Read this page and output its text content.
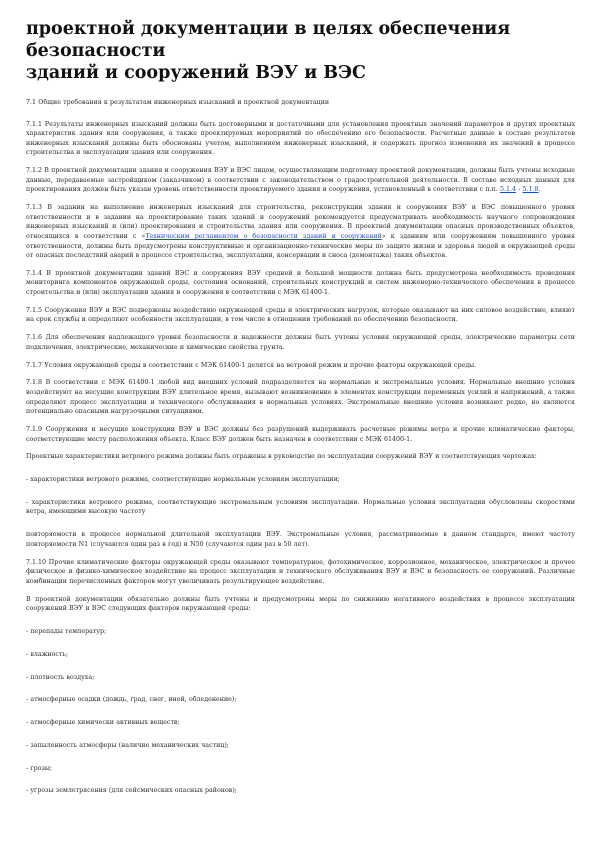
проектной документации в целях обеспечения безопасности
зданий и сооружений ВЭУ и ВЭС
7.1 Общие требования к результатам инженерных изысканий и проектной документации
7.1.1 Результаты инженерных изысканий должны быть достоверными и достаточными для установления проектных значений параметров и других проектных характеристик здания или сооружения, а также проектируемых мероприятий по обеспечению его безопасности. Расчетные данные в составе результатов инженерных изысканий должны быть обоснованы учетом, выполнением инженерных изысканий, и содержать прогноз изменения их значений в процессе строительства и эксплуатации здания или сооружения.
7.1.2 В проектной документации здания и сооружения ВЭУ и ВЭС лицом, осуществляющим подготовку проектной документации, должны быть учтены исходные данные, передаваемые застройщиком (заказчиком) в соответствии с законодательством о градостроительной деятельности. В составе исходных данных для проектирования должен быть указан уровень ответственности проектируемого здания и сооружения, установленный в соответствии с п.п. 5.1.4 - 5.1.8.
7.1.3 В задании на выполнение инженерных изысканий для строительства, реконструкции здания и сооружения ВЭУ и ВЭС повышенного уровня ответственности и в задании на проектирование таких зданий и сооружений рекомендуется предусматривать необходимость научного сопровождения инженерных изысканий и (или) проектирования и строительства здания или сооружения. В проектной документации опасных производственных объектов, относящихся в соответствии с «Техническим регламентом о безопасности зданий и сооружений» к зданиям или сооружениям повышенного уровня ответственности, должны быть предусмотрены конструктивные и организационно-технические меры по защите жизни и здоровья людей и окружающей среды от опасных последствий аварий в процессе строительства, эксплуатации, консервации и сноса (демонтажа) таких объектов.
7.1.4 В проектной документации зданий ВЭС и сооружения ВЭУ средней и большой мощности должна быть предусмотрена необходимость проведения мониторинга компонентов окружающей среды, состояния оснований, строительных конструкций и систем инженерно-технического обеспечения в процессе строительства и (или) эксплуатации здания и сооружения в соответствии с МЭК 61400-1.
7.1.5 Сооружения ВЭУ и ВЭС подвержены воздействию окружающей среды и электрических нагрузок, которые оказывают на них силовое воздействие, влияют на срок службы и определяют особенности эксплуатации, в том числе в отношении требований по обеспечению безопасности.
7.1.6 Для обеспечения надлежащего уровня безопасности и надежности должны быть учтены условия окружающей среды, электрические параметры сети подключения, электрические, механические и химические свойства грунта.
7.1.7 Условия окружающей среды в соответствии с МЭК 61400-1 делятся на ветровой режим и прочие факторы окружающей среды.
7.1.8 В соответствии с МЭК 61400-1 любой вид внешних условий подразделяется на нормальные и экстремальные условия. Нормальные внешние условия воздействуют на несущие конструкции ВЭУ длительное время, вызывают возникновение в элементах конструкции переменных усилий и напряжений, а также определяют процесс эксплуатации и технического обслуживания в нормальных условиях. Экстремальные внешние условия возникают редко, но являются потенциально опасными нагрузочными ситуациями.
7.1.9 Сооружения и несущие конструкции ВЭУ и ВЭС должны без разрушений выдерживать расчетные режимы ветра и прочие климатические факторы, соответствующие месту расположения объекта. Класс ВЭУ должен быть назначен в соответствии с МЭК 61400-1.
Проектные характеристики ветрового режима должны быть отражены в руководстве по эксплуатации сооружений ВЭУ и соответствующих чертежах:
- характеристики ветрового режима, соответствующие нормальным условиям эксплуатации;
- характеристики ветрового режима, соответствующие экстремальным условиям эксплуатации. Нормальные условия эксплуатации обусловлены скоростями ветра, имеющими высокую частоту
повторяемости в процессе нормальной длительной эксплуатации ВЭУ. Экстремальные условия, рассматриваемые в данном стандарте, имеют частоту повторяемости N1 (случаются один раз в год) и N50 (случаются один раз в 50 лет).
7.1.10 Прочие климатические факторы окружающей среды оказывают температурное, фотохимическое, коррозионное, механическое, электрическое и прочее физическое и физико-химическое воздействие на процесс эксплуатации и технического обслуживания ВЭУ и ВЭС и безопасность ее сооружений. Различные комбинации перечисленных факторов могут увеличивать результирующее воздействие.
В проектной документации обязательно должны быть учтены и предусмотрены меры по снижению негативного воздействия в процессе эксплуатации сооружений ВЭУ и ВЭС следующих факторов окружающей среды:
- перепады температур;
- влажность;
- плотность воздуха;
- атмосферные осадки (дождь, град, снег, иней, обледенение);
- атмосферные химически активных веществ;
- запыленность атмосферы (наличие механических частиц);
- грозы;
- угрозы землетрясения (для сейсмических опасных районов);
